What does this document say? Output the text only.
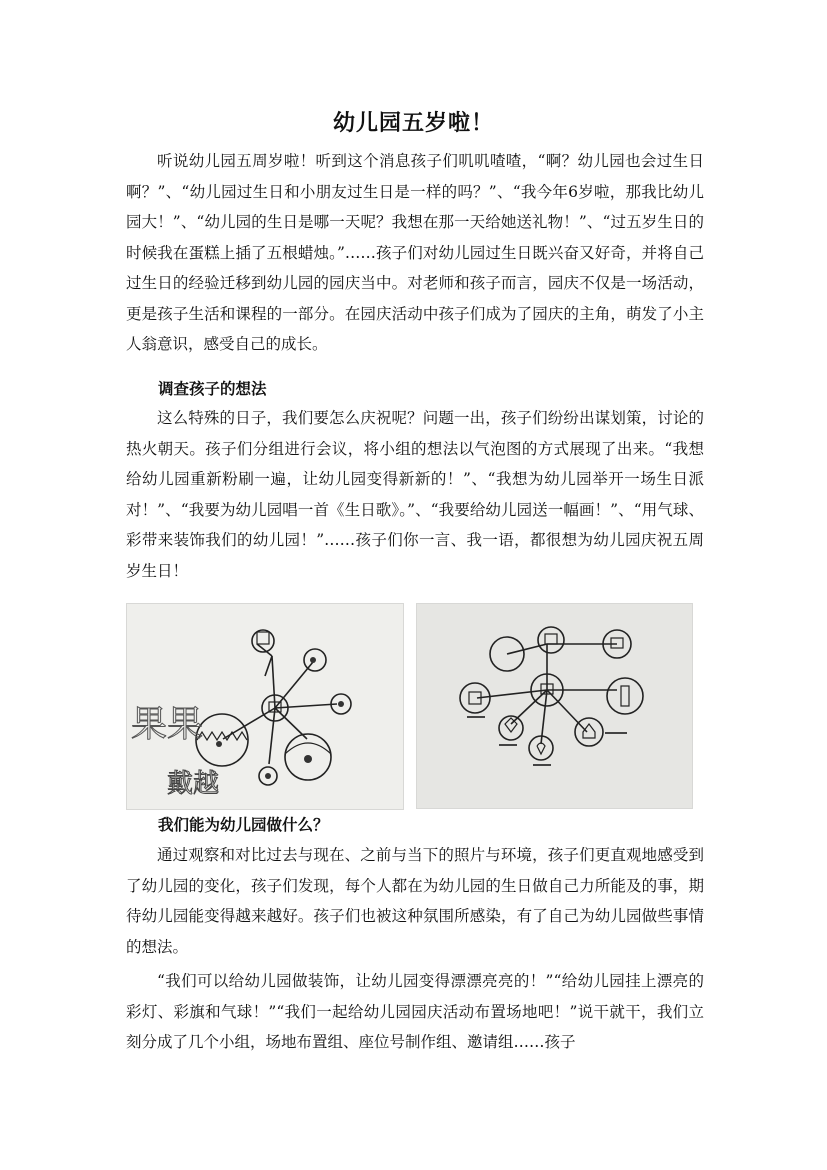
幼儿园五岁啦！

听说幼儿园五周岁啦！听到这个消息孩子们叽叽喳喳，“啊？幼儿园也会过生日啊？”、“幼儿园过生日和小朋友过生日是一样的吗？”、“我今年6岁啦，那我比幼儿园大！”、“幼儿园的生日是哪一天呢？我想在那一天给她送礼物！”、“过五岁生日的时候我在蛋糕上插了五根蜡烛。”……孩子们对幼儿园过生日既兴奋又好奇，并将自己过生日的经验迁移到幼儿园的园庆当中。对老师和孩子而言，园庆不仅是一场活动，更是孩子生活和课程的一部分。在园庆活动中孩子们成为了园庆的主角，萌发了小主人翁意识，感受自己的成长。

调查孩子的想法

这么特殊的日子，我们要怎么庆祝呢？问题一出，孩子们纷纷出谋划策，讨论的热火朝天。孩子们分组进行会议，将小组的想法以气泡图的方式展现了出来。“我想给幼儿园重新粉刷一遍，让幼儿园变得新新的！”、“我想为幼儿园举开一场生日派对！”、“我要为幼儿园唱一首《生日歌》。”、“我要给幼儿园送一幅画！”、“用气球、彩带来装饰我们的幼儿园！”……孩子们你一言、我一语，都很想为幼儿园庆祝五周岁生日！

果果
戴越
我们能为幼儿园做什么？

通过观察和对比过去与现在、之前与当下的照片与环境，孩子们更直观地感受到了幼儿园的变化，孩子们发现，每个人都在为幼儿园的生日做自己力所能及的事，期待幼儿园能变得越来越好。孩子们也被这种氛围所感染，有了自己为幼儿园做些事情的想法。

“我们可以给幼儿园做装饰，让幼儿园变得漂漂亮亮的！”“给幼儿园挂上漂亮的彩灯、彩旗和气球！”“我们一起给幼儿园园庆活动布置场地吧！”说干就干，我们立刻分成了几个小组，场地布置组、座位号制作组、邀请组……孩子
